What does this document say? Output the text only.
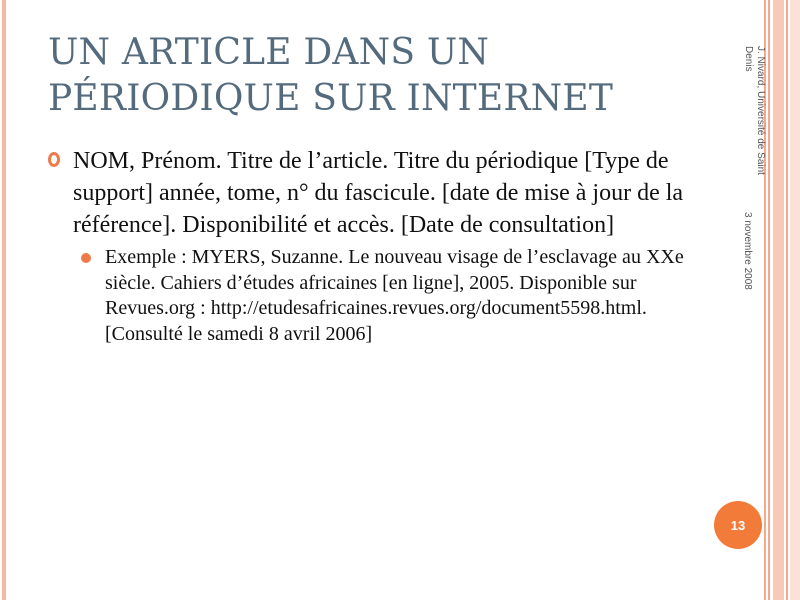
UN ARTICLE DANS UN
PÉRIODIQUE SUR INTERNET
NOM, Prénom. Titre de l’article. Titre du périodique [Type de support] année, tome, n° du fascicule. [date de mise à jour de la référence]. Disponibilité et accès. [Date de consultation]
Exemple : MYERS, Suzanne. Le nouveau visage de l’esclavage au XXe siècle. Cahiers d’études africaines [en ligne], 2005. Disponible sur Revues.org : http://etudesafricaines.revues.org/document5598.html. [Consulté le samedi 8 avril 2006]
J. Nivard, Université de Saint Denis
3 novembre 2008
13
